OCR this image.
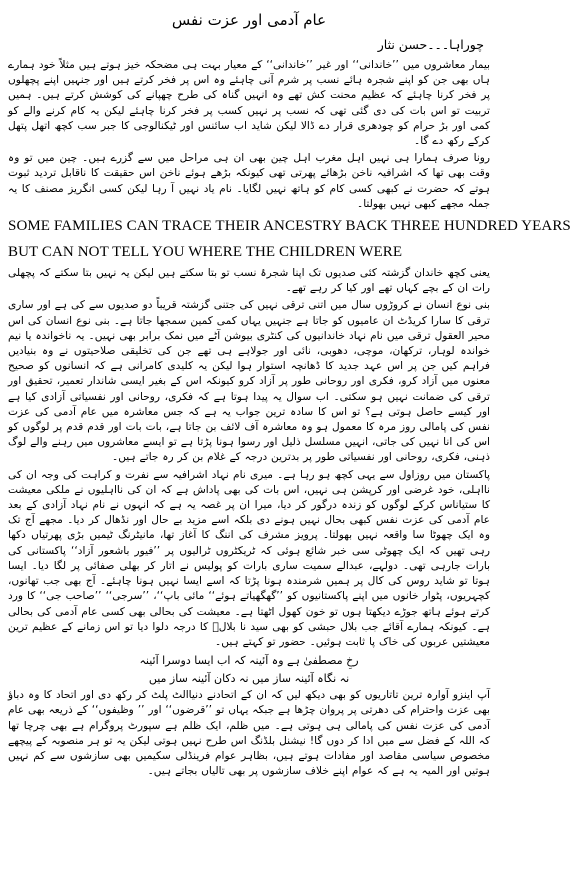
عام آدمی اور عزت نفس
چوراہا۔۔۔حسن نثار

بیمار معاشروں میں ’’خاندانی‘‘ اور غیر ’’خاندانی‘‘ کے معیار بہت ہی مضحکہ خیز ہوتے ہیں مثلاً خود ہمارے ہاں بھی جن کو اپنے شجرہ ہائے نسب پر شرم آنی چاہئے وہ اس پر فخر کرتے ہیں اور جنہیں اپنے پچھلوں پر فخر کرنا چاہئے کہ عظیم محنت کش تھے وہ انہیں گناہ کی طرح چھپانے کی کوشش کرتے ہیں۔ ہمیں تربیت تو اس بات کی دی گئی تھی کہ نسب پر نہیں کسب پر فخر کرنا چاہئے لیکن یہ کام کرنے والے کو کمی اور بڑ حرام کو چودھری قرار دے ڈالا لیکن شاید اب سائنس اور ٹیکنالوجی کا جبر سب کچھ اتھل پتھل کرکے رکھ دے گا۔

رونا صرف ہمارا ہی نہیں اہل مغرب اہل چین بھی ان ہی مراحل میں سے گزرے ہیں۔ چین میں تو وہ وقت بھی تھا کہ اشرافیہ ناخن بڑھائے پھرتی تھی کیونکہ بڑھے ہوئے ناخن اس حقیقت کا ناقابل تردید ثبوت ہوتے کہ حضرت نے کبھی کسی کام کو ہاتھ نہیں لگایا۔ نام یاد نہیں آ رہا لیکن کسی انگریز مصنف کا یہ جملہ مجھے کبھی نہیں بھولتا۔

SOME FAMILIES CAN TRACE THEIR ANCESTRY BACK THREE HUNDRED YEARS
BUT CAN NOT TELL YOU WHERE THE CHILDREN WERE

یعنی کچھ خاندان گزشتہ کئی صدیوں تک اپنا شجرۂ نسب تو بتا سکتے ہیں لیکن یہ نہیں بتا سکتے کہ پچھلی رات ان کے بچے کہاں تھے اور کیا کر رہے تھے۔

بنی نوع انسان نے کروڑوں سال میں اتنی ترقی نہیں کی جتنی گزشتہ قریباً دو صدیوں سے کی ہے اور ساری ترقی کا سارا کریڈٹ ان عامیوں کو جاتا ہے جنہیں یہاں کمی کمین سمجھا جاتا ہے۔ بنی نوع انسان کی اس محیر العقول ترقی میں نام نہاد خاندانیوں کی کنٹری بیوشن آٹے میں نمک برابر بھی نہیں۔ یہ ناخواندہ یا نیم خواندہ لوہار، ترکھان، موچی، دھوبی، نائی اور جولاہے ہی تھے جن کی تخلیقی صلاحیتوں نے وہ بنیادیں فراہم کیں جن پر اس عہد جدید کا ڈھانچہ استوار ہوا لیکن یہ کلیدی کامرانی ہے کہ انسانوں کو صحیح معنوں میں آزاد کرو، فکری اور روحانی طور پر آزاد کرو کیونکہ اس کے بغیر ایسی شاندار تعمیر، تحقیق اور ترقی کی ضمانت نہیں ہو سکتی۔ اب سوال یہ پیدا ہوتا ہے کہ فکری، روحانی اور نفسیاتی آزادی کیا ہے اور کیسے حاصل ہوتی ہے؟ تو اس کا سادہ ترین جواب یہ ہے کہ جس معاشرہ میں عام آدمی کی عزت نفس کی پامالی روز مرہ کا معمول ہو وہ معاشرہ آف لائف بن جاتا ہے، بات بات اور قدم قدم پر لوگوں کو اس کی انا نہیں کی جاتی، انہیں مسلسل ذلیل اور رسوا ہونا پڑتا ہے تو ایسے معاشروں میں رہنے والے لوگ ذہنی، فکری، روحانی اور نفسیاتی طور پر بدترین درجہ کے غلام بن کر رہ جاتے ہیں۔

پاکستان میں روزاول سے یہی کچھ ہو رہا ہے۔ میری نام نہاد اشرافیہ سے نفرت و کراہت کی وجہ ان کی نااہلی، خود غرضی اور کرپشن ہی نہیں، اس بات کی بھی پاداش ہے کہ ان کی نااہلیوں نے ملکی معیشت کا ستیاناس کرکے لوگوں کو زندہ درگور کر دیا، میرا ان پر غصہ یہ ہے کہ انہوں نے نام نہاد آزادی کے بعد عام آدمی کی عزت نفس کبھی بحال نہیں ہونے دی بلکہ اسے مزید بے حال اور نڈھال کر دیا۔ مجھے آج تک وہ ایک چھوٹا سا واقعہ نہیں بھولتا۔ پرویز مشرف کی اننگ کا آغاز تھا، مانیٹرنگ ٹیمیں بڑی پھرتیاں دکھا رہی تھیں کہ ایک چھوٹی سی خبر شائع ہوئی کہ ٹریکٹروں ٹرالیوں پر ’’فیور باشعور آزاد‘‘ پاکستانی کی بارات جارہی تھی۔ دولہے، عبدالے سمیت ساری بارات کو پولیس نے اتار کر بھلی صفائی پر لگا دیا۔ ایسا ہوتا تو شاید روس کی کال پر ہمیں شرمندہ ہونا پڑتا کہ اسے ایسا نہیں ہونا چاہئے۔ آج بھی جب تھانوں، کچہریوں، پٹوار خانوں میں اپنے پاکستانیوں کو ’’گھگھیاتے ہوئے‘‘ مائی باپ‘‘، ’’سرجی‘‘ ’’صاحب جی‘‘ کا ورد کرتے ہوئے ہاتھ جوڑے دیکھتا ہوں تو خون کھول اٹھتا ہے۔ معیشت کی بحالی بھی کسی عام آدمی کی بحالی ہے۔ کیونکہ ہمارے آقائے جب بلال حبشی کو بھی سید نا بلالؓ کا درجہ دلوا دیا تو اس زمانے کے عظیم ترین معیشتیں عربوں کی خاک پا ثابت ہوئیں۔ حضور تو کہتے ہیں۔

رخِ مصطفیٰ ہے وہ آئینہ کہ اب ایسا دوسرا آئینہ
نہ نگاہ آئینہ ساز میں نہ دکان آئینہ ساز میں

آپ اینزو آوارہ ترین تاتاریوں کو بھی دیکھ لیں کہ ان کے اتحادنے دنیاالٹ پلٹ کر رکھ دی اور اتحاد کا وہ دباؤ بھی عزت واحترام کی دھرتی پر پروان چڑھا ہے جبکہ یہاں تو ’’قرضوں‘‘ اور ’’ وظیفوں‘‘ کے ذریعہ بھی عام آدمی کی عزت نفس کی پامالی ہی ہوتی ہے۔ میں ظلم، ایک ظلم ہے سپورٹ پروگرام ہے بھی چرچا تھا کہ اللہ کے فضل سے میں ادا کر دوں گا! نیشنل بلڈنگ اس طرح نہیں ہوتی لیکن یہ تو ہر منصوبہ کے پیچھے مخصوص سیاسی مقاصد اور مفادات ہوتے ہیں، بظاہر عوام فرینڈلی سکیمیں بھی سازشوں سے کم نہیں ہوتیں اور المیہ یہ ہے کہ عوام اپنے خلاف سازشوں پر بھی تالیاں بجاتے ہیں۔
